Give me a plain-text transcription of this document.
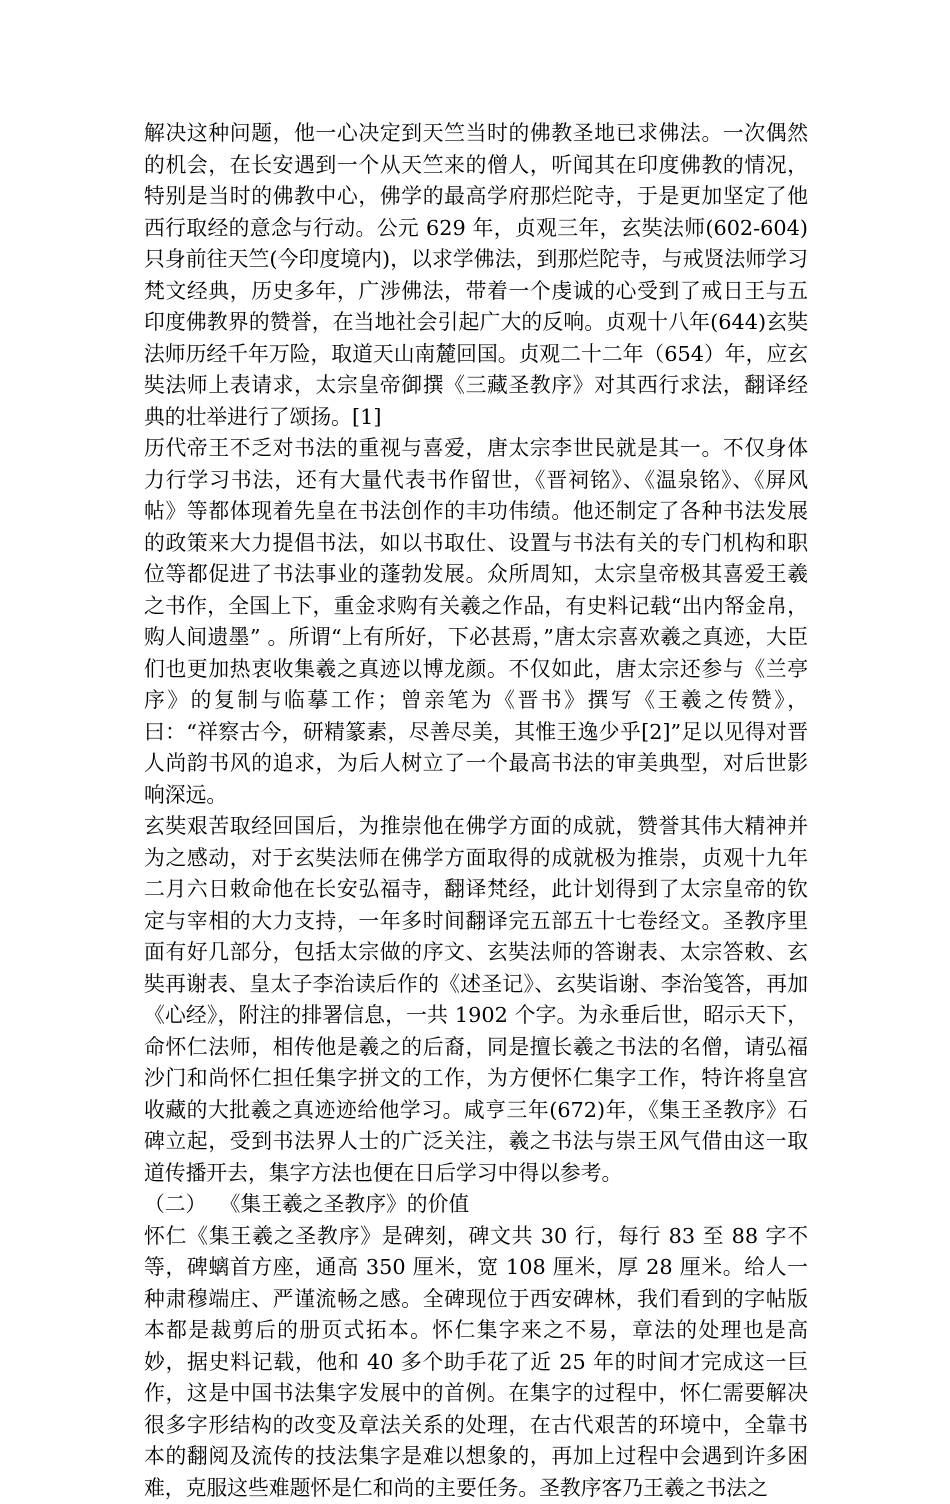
解决这种问题，他一心决定到天竺当时的佛教圣地已求佛法。一次偶然的机会，在长安遇到一个从天竺来的僧人，听闻其在印度佛教的情况，特别是当时的佛教中心，佛学的最高学府那烂陀寺，于是更加坚定了他西行取经的意念与行动。公元 629 年，贞观三年，玄奘法师(602-604)只身前往天竺(今印度境内)，以求学佛法，到那烂陀寺，与戒贤法师学习梵文经典，历史多年，广涉佛法，带着一个虔诚的心受到了戒日王与五印度佛教界的赞誉，在当地社会引起广大的反响。贞观十八年(644)玄奘法师历经千年万险，取道天山南麓回国。贞观二十二年（654）年，应玄奘法师上表请求，太宗皇帝御撰《三藏圣教序》对其西行求法，翻译经典的壮举进行了颂扬。[1]

历代帝王不乏对书法的重视与喜爱，唐太宗李世民就是其一。不仅身体力行学习书法，还有大量代表书作留世，《晋祠铭》、《温泉铭》、《屏风帖》等都体现着先皇在书法创作的丰功伟绩。他还制定了各种书法发展的政策来大力提倡书法，如以书取仕、设置与书法有关的专门机构和职位等都促进了书法事业的蓬勃发展。众所周知，太宗皇帝极其喜爱王羲之书作，全国上下，重金求购有关羲之作品，有史料记载“出内帑金帛，购人间遗墨” 。所谓“上有所好，下必甚焉，”唐太宗喜欢羲之真迹，大臣们也更加热衷收集羲之真迹以博龙颜。不仅如此，唐太宗还参与《兰亭序》的复制与临摹工作；曾亲笔为《晋书》撰写《王羲之传赞》，曰：“祥察古今，研精篆素，尽善尽美，其惟王逸少乎[2]”足以见得对晋人尚韵书风的追求，为后人树立了一个最高书法的审美典型，对后世影响深远。

玄奘艰苦取经回国后，为推崇他在佛学方面的成就，赞誉其伟大精神并为之感动，对于玄奘法师在佛学方面取得的成就极为推崇，贞观十九年二月六日敕命他在长安弘福寺，翻译梵经，此计划得到了太宗皇帝的钦定与宰相的大力支持，一年多时间翻译完五部五十七卷经文。圣教序里面有好几部分，包括太宗做的序文、玄奘法师的答谢表、太宗答敕、玄奘再谢表、皇太子李治读后作的《述圣记》、玄奘诣谢、李治笺答，再加《心经》，附注的排署信息，一共 1902 个字。为永垂后世，昭示天下，命怀仁法师，相传他是羲之的后裔，同是擅长羲之书法的名僧，请弘福沙门和尚怀仁担任集字拼文的工作，为方便怀仁集字工作，特许将皇宫收藏的大批羲之真迹迹给他学习。咸亨三年(672)年，《集王圣教序》石碑立起，受到书法界人士的广泛关注，羲之书法与崇王风气借由这一取道传播开去，集字方法也便在日后学习中得以参考。

（二）  《集王羲之圣教序》的价值

怀仁《集王羲之圣教序》是碑刻，碑文共 30 行，每行 83 至 88 字不等，碑螭首方座，通高 350 厘米，宽 108 厘米，厚 28 厘米。给人一种肃穆端庄、严谨流畅之感。全碑现位于西安碑林，我们看到的字帖版本都是裁剪后的册页式拓本。怀仁集字来之不易，章法的处理也是高妙，据史料记载，他和 40 多个助手花了近 25 年的时间才完成这一巨作，这是中国书法集字发展中的首例。在集字的过程中，怀仁需要解决很多字形结构的改变及章法关系的处理，在古代艰苦的环境中，全靠书本的翻阅及流传的技法集字是难以想象的，再加上过程中会遇到许多困难，克服这些难题怀是仁和尚的主要任务。圣教序客乃王羲之书法之
